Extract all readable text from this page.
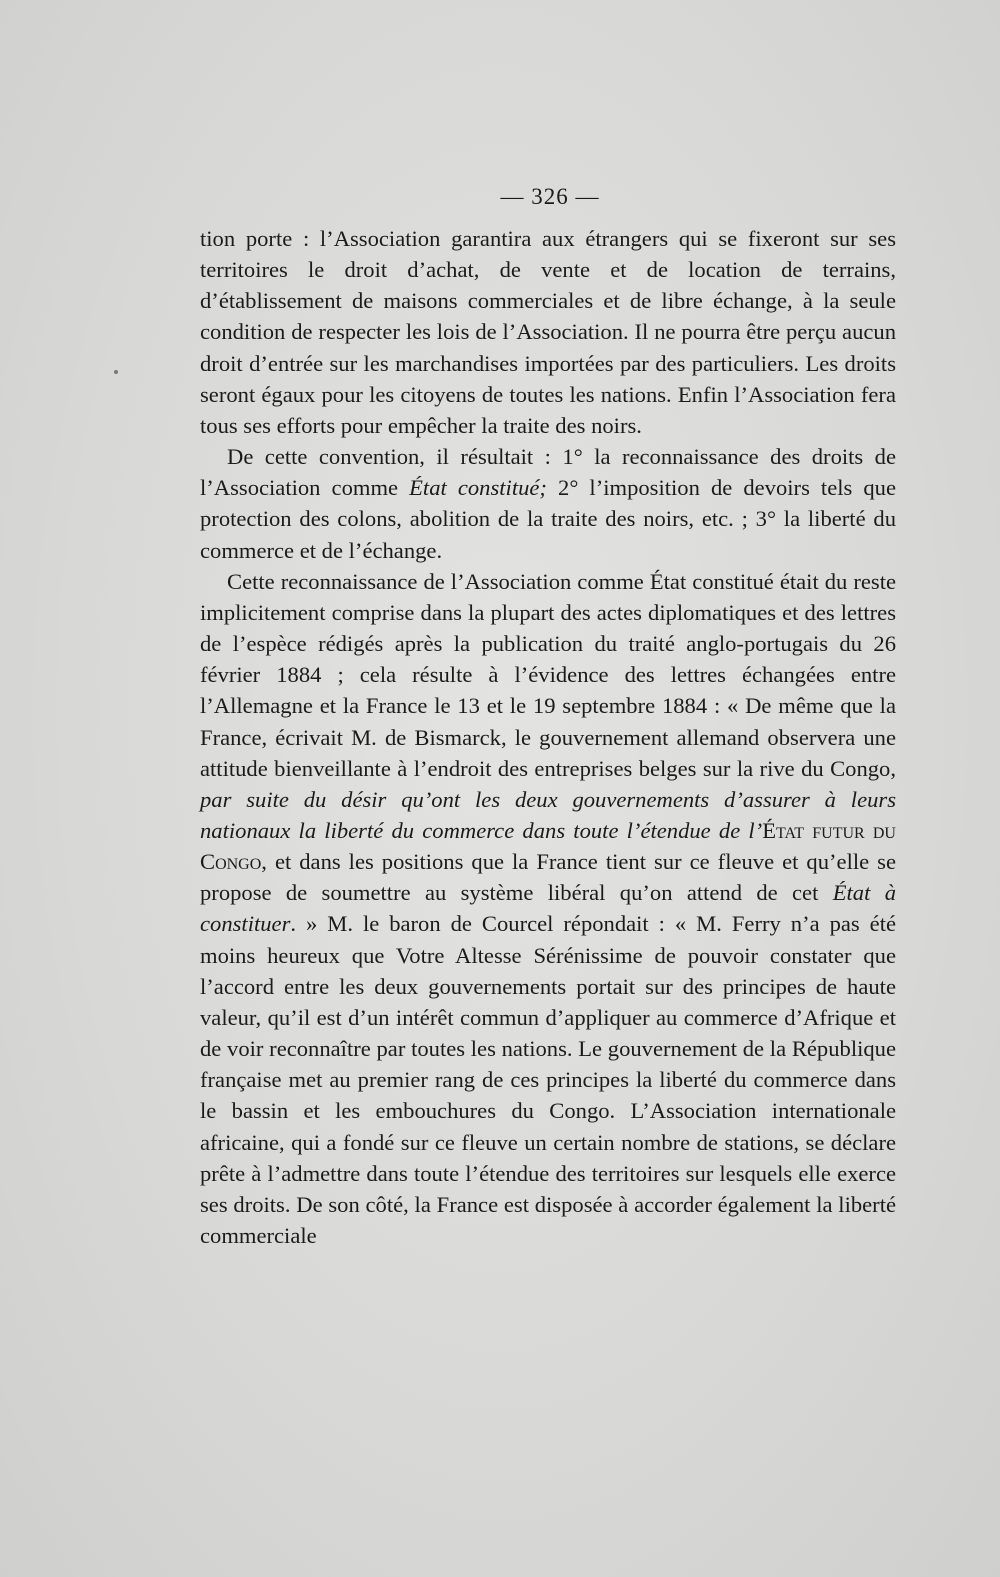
— 326 —

tion porte : l’Association garantira aux étrangers qui se fixeront sur ses territoires le droit d’achat, de vente et de location de terrains, d’établissement de maisons commerciales et de libre échange, à la seule condition de respecter les lois de l’Association. Il ne pourra être perçu aucun droit d’entrée sur les marchandises importées par des particuliers. Les droits seront égaux pour les citoyens de toutes les nations. Enfin l’Association fera tous ses efforts pour empêcher la traite des noirs.

De cette convention, il résultait : 1° la reconnaissance des droits de l’Association comme État constitué; 2° l’imposition de devoirs tels que protection des colons, abolition de la traite des noirs, etc. ; 3° la liberté du commerce et de l’échange.

Cette reconnaissance de l’Association comme État constitué était du reste implicitement comprise dans la plupart des actes diplomatiques et des lettres de l’espèce rédigés après la publication du traité anglo-portugais du 26 février 1884 ; cela résulte à l’évidence des lettres échangées entre l’Allemagne et la France le 13 et le 19 septembre 1884 : « De même que la France, écrivait M. de Bismarck, le gouvernement allemand observera une attitude bienveillante à l’endroit des entreprises belges sur la rive du Congo, par suite du désir qu’ont les deux gouvernements d’assurer à leurs nationaux la liberté du commerce dans toute l’étendue de l’État futur du Congo, et dans les positions que la France tient sur ce fleuve et qu’elle se propose de soumettre au système libéral qu’on attend de cet État à constituer. » M. le baron de Courcel répondait : « M. Ferry n’a pas été moins heureux que Votre Altesse Sérénissime de pouvoir constater que l’accord entre les deux gouvernements portait sur des principes de haute valeur, qu’il est d’un intérêt commun d’appliquer au commerce d’Afrique et de voir reconnaître par toutes les nations. Le gouvernement de la République française met au premier rang de ces principes la liberté du commerce dans le bassin et les embouchures du Congo. L’Association internationale africaine, qui a fondé sur ce fleuve un certain nombre de stations, se déclare prête à l’admettre dans toute l’étendue des territoires sur lesquels elle exerce ses droits. De son côté, la France est disposée à accorder également la liberté commerciale
